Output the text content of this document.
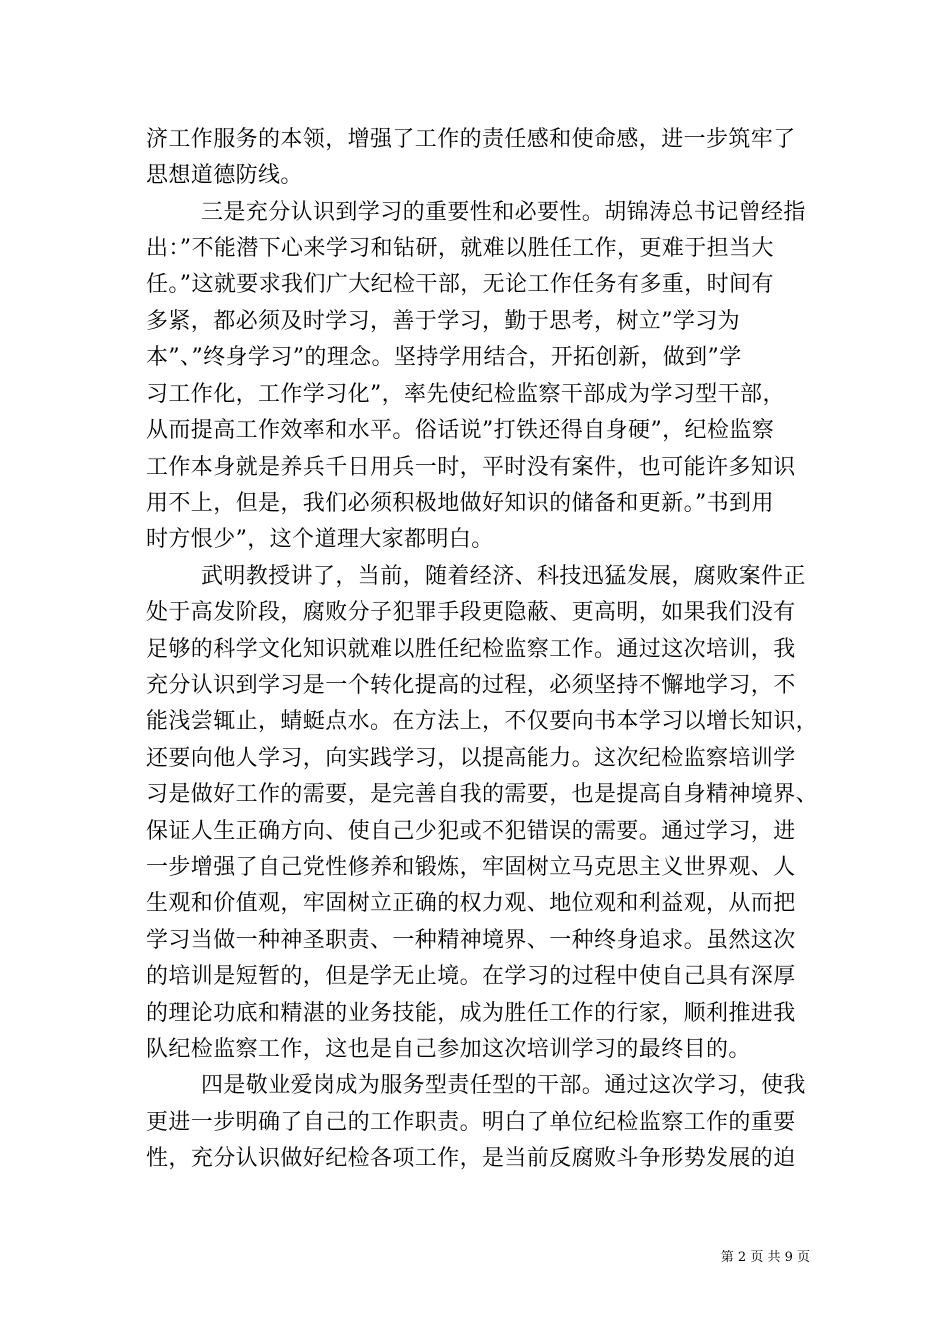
济工作服务的本领，增强了工作的责任感和使命感，进一步筑牢了
思想道德防线。
三是充分认识到学习的重要性和必要性。胡锦涛总书记曾经指
出：”不能潜下心来学习和钻研，就难以胜任工作，更难于担当大
任。”这就要求我们广大纪检干部，无论工作任务有多重，时间有
多紧，都必须及时学习，善于学习，勤于思考，树立”学习为
本”、”终身学习”的理念。坚持学用结合，开拓创新，做到”学
习工作化，工作学习化”，率先使纪检监察干部成为学习型干部，
从而提高工作效率和水平。俗话说”打铁还得自身硬”，纪检监察
工作本身就是养兵千日用兵一时，平时没有案件，也可能许多知识
用不上，但是，我们必须积极地做好知识的储备和更新。”书到用
时方恨少”，这个道理大家都明白。
武明教授讲了，当前，随着经济、科技迅猛发展，腐败案件正
处于高发阶段，腐败分子犯罪手段更隐蔽、更高明，如果我们没有
足够的科学文化知识就难以胜任纪检监察工作。通过这次培训，我
充分认识到学习是一个转化提高的过程，必须坚持不懈地学习，不
能浅尝辄止，蜻蜓点水。在方法上，不仅要向书本学习以增长知识，
还要向他人学习，向实践学习，以提高能力。这次纪检监察培训学
习是做好工作的需要，是完善自我的需要，也是提高自身精神境界、
保证人生正确方向、使自己少犯或不犯错误的需要。通过学习，进
一步增强了自己党性修养和锻炼，牢固树立马克思主义世界观、人
生观和价值观，牢固树立正确的权力观、地位观和利益观，从而把
学习当做一种神圣职责、一种精神境界、一种终身追求。虽然这次
的培训是短暂的，但是学无止境。在学习的过程中使自己具有深厚
的理论功底和精湛的业务技能，成为胜任工作的行家，顺利推进我
队纪检监察工作，这也是自己参加这次培训学习的最终目的。
四是敬业爱岗成为服务型责任型的干部。通过这次学习，使我
更进一步明确了自己的工作职责。明白了单位纪检监察工作的重要
性，充分认识做好纪检各项工作，是当前反腐败斗争形势发展的迫
第 2 页 共 9 页
